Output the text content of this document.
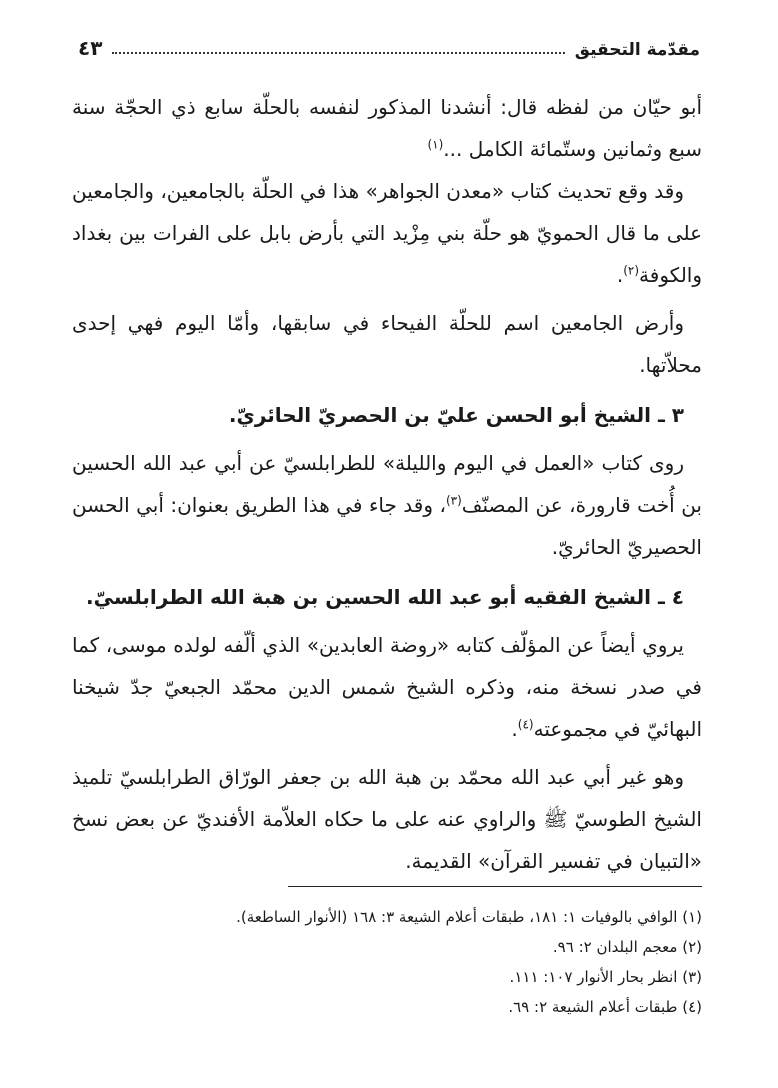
مقدّمة التحقيق
٤٣

أبو حيّان من لفظه قال: أنشدنا المذكور لنفسه بالحلّة سابع ذي الحجّة سنة سبع وثمانين وستّمائة الكامل ...$^{(١)}$

وقد وقع تحديث كتاب «معدن الجواهر» هذا في الحلّة بالجامعين، والجامعين على ما قال الحمويّ هو حلّة بني مِزْيد التي بأرض بابل على الفرات بين بغداد والكوفة$^{(٢)}$.

وأرض الجامعين اسم للحلّة الفيحاء في سابقها، وأمّا اليوم فهي إحدى محلاّتها.

٣ ـ الشيخ أبو الحسن عليّ بن الحصريّ الحائريّ.

روى كتاب «العمل في اليوم والليلة» للطرابلسيّ عن أبي عبد الله الحسين بن أُخت قارورة، عن المصنّف$^{(٣)}$، وقد جاء في هذا الطريق بعنوان: أبي الحسن الحصيريّ الحائريّ.

٤ ـ الشيخ الفقيه أبو عبد الله الحسين بن هبة الله الطرابلسيّ.

يروي أيضاً عن المؤلّف كتابه «روضة العابدين» الذي ألّفه لولده موسى، كما في صدر نسخة منه، وذكره الشيخ شمس الدين محمّد الجبعيّ جدّ شيخنا البهائيّ في مجموعته$^{(٤)}$.

وهو غير أبي عبد الله محمّد بن هبة الله بن جعفر الورّاق الطرابلسيّ تلميذ الشيخ الطوسيّ ﷺ والراوي عنه على ما حكاه العلاّمة الأفنديّ عن بعض نسخ «التبيان في تفسير القرآن» القديمة.

(١) الوافي بالوفيات ١: ١٨١، طبقات أعلام الشيعة ٣: ١٦٨ (الأنوار الساطعة).
(٢) معجم البلدان ٢: ٩٦.
(٣) انظر بحار الأنوار ١٠٧: ١١١.
(٤) طبقات أعلام الشيعة ٢: ٦٩.
